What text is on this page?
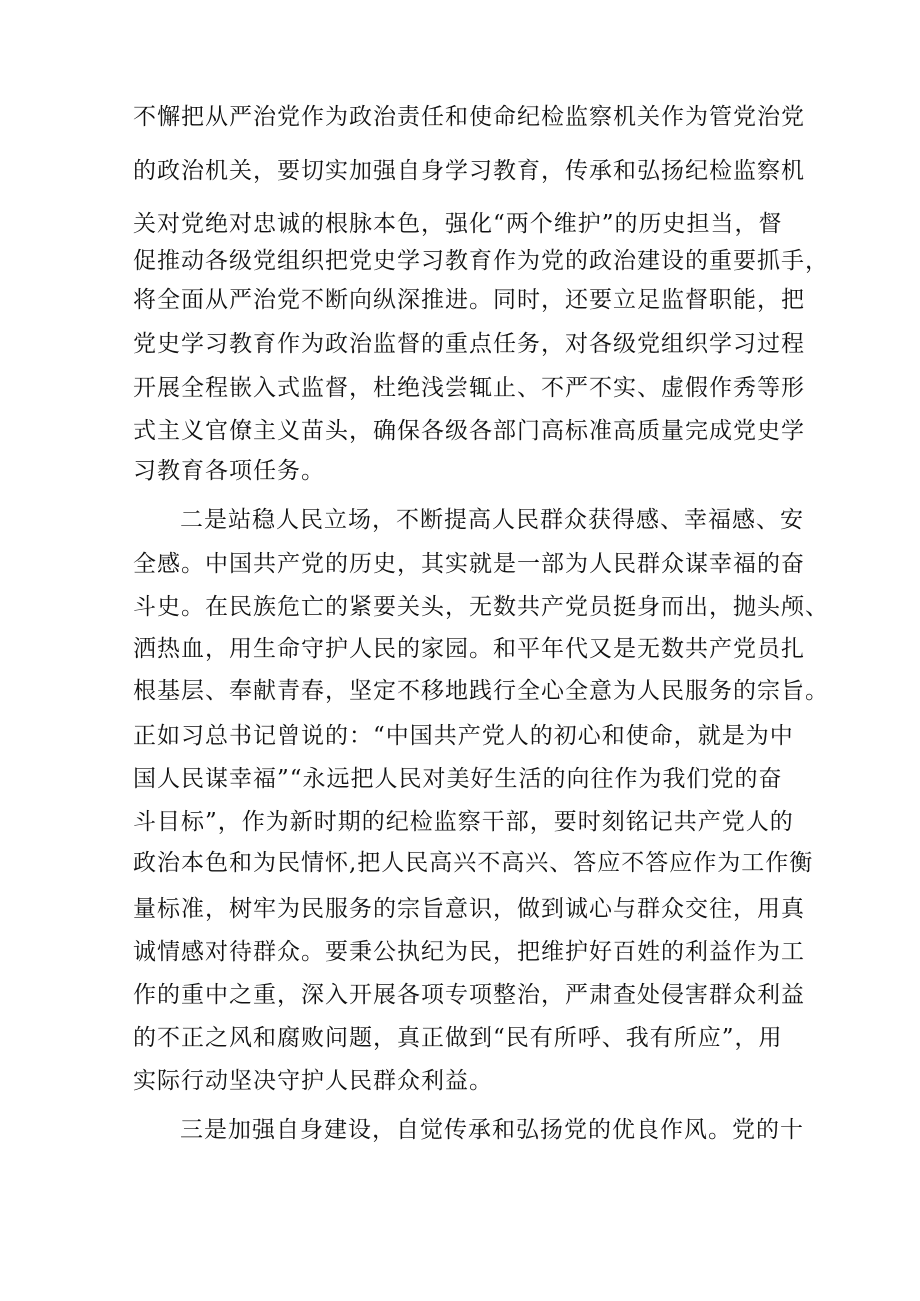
不懈把从严治党作为政治责任和使命纪检监察机关作为管党治党
的政治机关，要切实加强自身学习教育，传承和弘扬纪检监察机
关对党绝对忠诚的根脉本色，强化“两个维护”的历史担当，督
促推动各级党组织把党史学习教育作为党的政治建设的重要抓手，
将全面从严治党不断向纵深推进。同时，还要立足监督职能，把
党史学习教育作为政治监督的重点任务，对各级党组织学习过程
开展全程嵌入式监督，杜绝浅尝辄止、不严不实、虚假作秀等形
式主义官僚主义苗头，确保各级各部门高标准高质量完成党史学
习教育各项任务。
二是站稳人民立场，不断提高人民群众获得感、幸福感、安
全感。中国共产党的历史，其实就是一部为人民群众谋幸福的奋
斗史。在民族危亡的紧要关头，无数共产党员挺身而出，抛头颅、
洒热血，用生命守护人民的家园。和平年代又是无数共产党员扎
根基层、奉献青春，坚定不移地践行全心全意为人民服务的宗旨。
正如习总书记曾说的：“中国共产党人的初心和使命，就是为中
国人民谋幸福”“永远把人民对美好生活的向往作为我们党的奋
斗目标”，作为新时期的纪检监察干部，要时刻铭记共产党人的
政治本色和为民情怀,把人民高兴不高兴、答应不答应作为工作衡
量标准，树牢为民服务的宗旨意识，做到诚心与群众交往，用真
诚情感对待群众。要秉公执纪为民，把维护好百姓的利益作为工
作的重中之重，深入开展各项专项整治，严肃查处侵害群众利益
的不正之风和腐败问题，真正做到“民有所呼、我有所应”，用
实际行动坚决守护人民群众利益。
三是加强自身建设，自觉传承和弘扬党的优良作风。党的十
